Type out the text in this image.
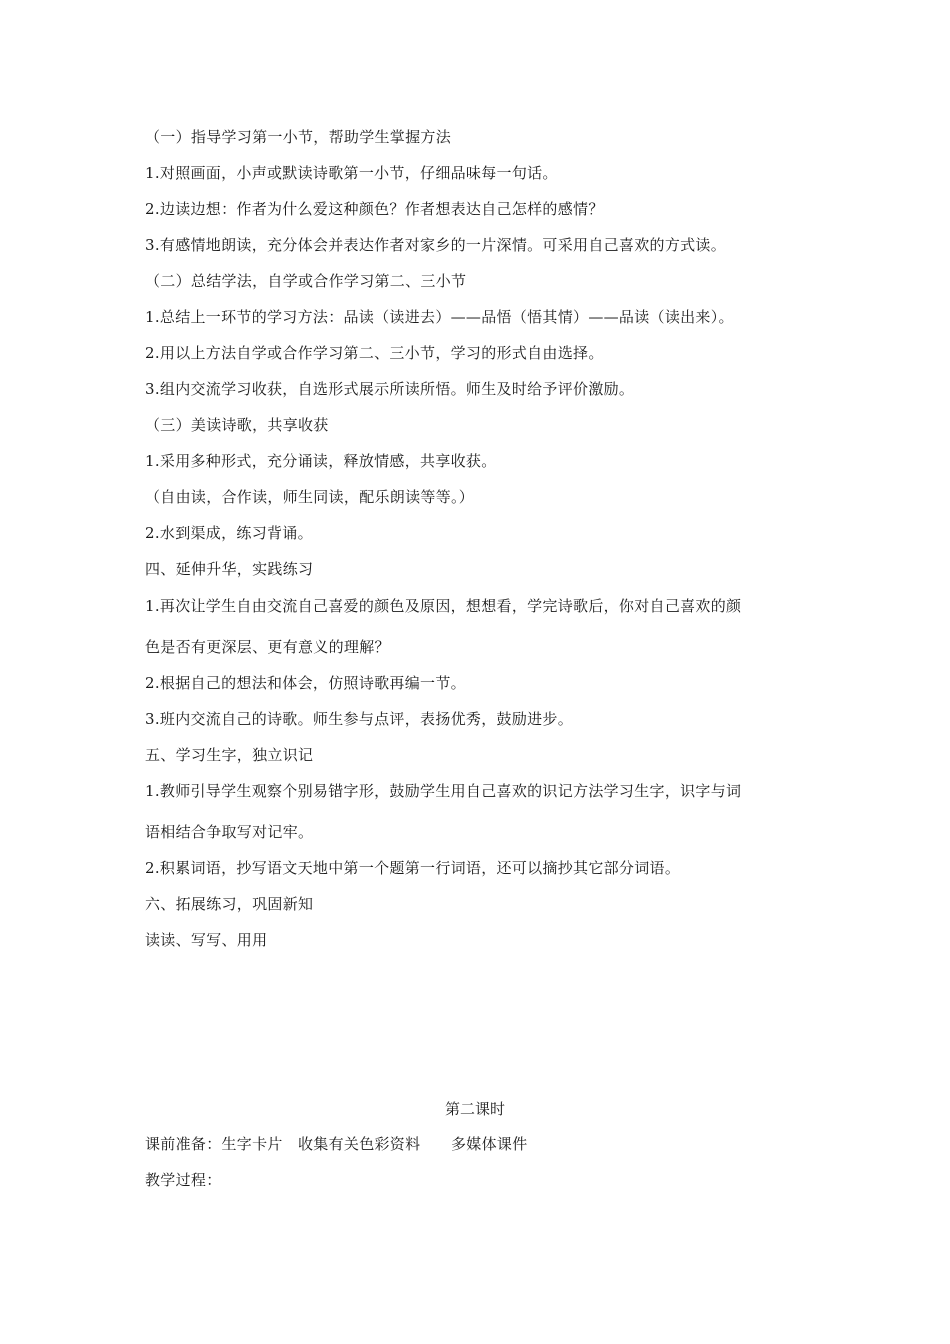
（一）指导学习第一小节，帮助学生掌握方法
1.对照画面，小声或默读诗歌第一小节，仔细品味每一句话。
2.边读边想：作者为什么爱这种颜色？作者想表达自己怎样的感情？
3.有感情地朗读，充分体会并表达作者对家乡的一片深情。可采用自己喜欢的方式读。
（二）总结学法，自学或合作学习第二、三小节
1.总结上一环节的学习方法：品读（读进去）——品悟（悟其情）——品读（读出来）。
2.用以上方法自学或合作学习第二、三小节，学习的形式自由选择。
3.组内交流学习收获，自选形式展示所读所悟。师生及时给予评价激励。
（三）美读诗歌，共享收获
1.采用多种形式，充分诵读，释放情感，共享收获。
（自由读，合作读，师生同读，配乐朗读等等。）
2.水到渠成，练习背诵。
四、延伸升华，实践练习
1.再次让学生自由交流自己喜爱的颜色及原因，想想看，学完诗歌后，你对自己喜欢的颜
色是否有更深层、更有意义的理解？
2.根据自己的想法和体会，仿照诗歌再编一节。
3.班内交流自己的诗歌。师生参与点评，表扬优秀，鼓励进步。
五、学习生字，独立识记
1.教师引导学生观察个别易错字形，鼓励学生用自己喜欢的识记方法学习生字，识字与词
语相结合争取写对记牢。
2.积累词语，抄写语文天地中第一个题第一行词语，还可以摘抄其它部分词语。
六、拓展练习，巩固新知
读读、写写、用用
第二课时
课前准备：生字卡片　收集有关色彩资料　　多媒体课件
教学过程：
